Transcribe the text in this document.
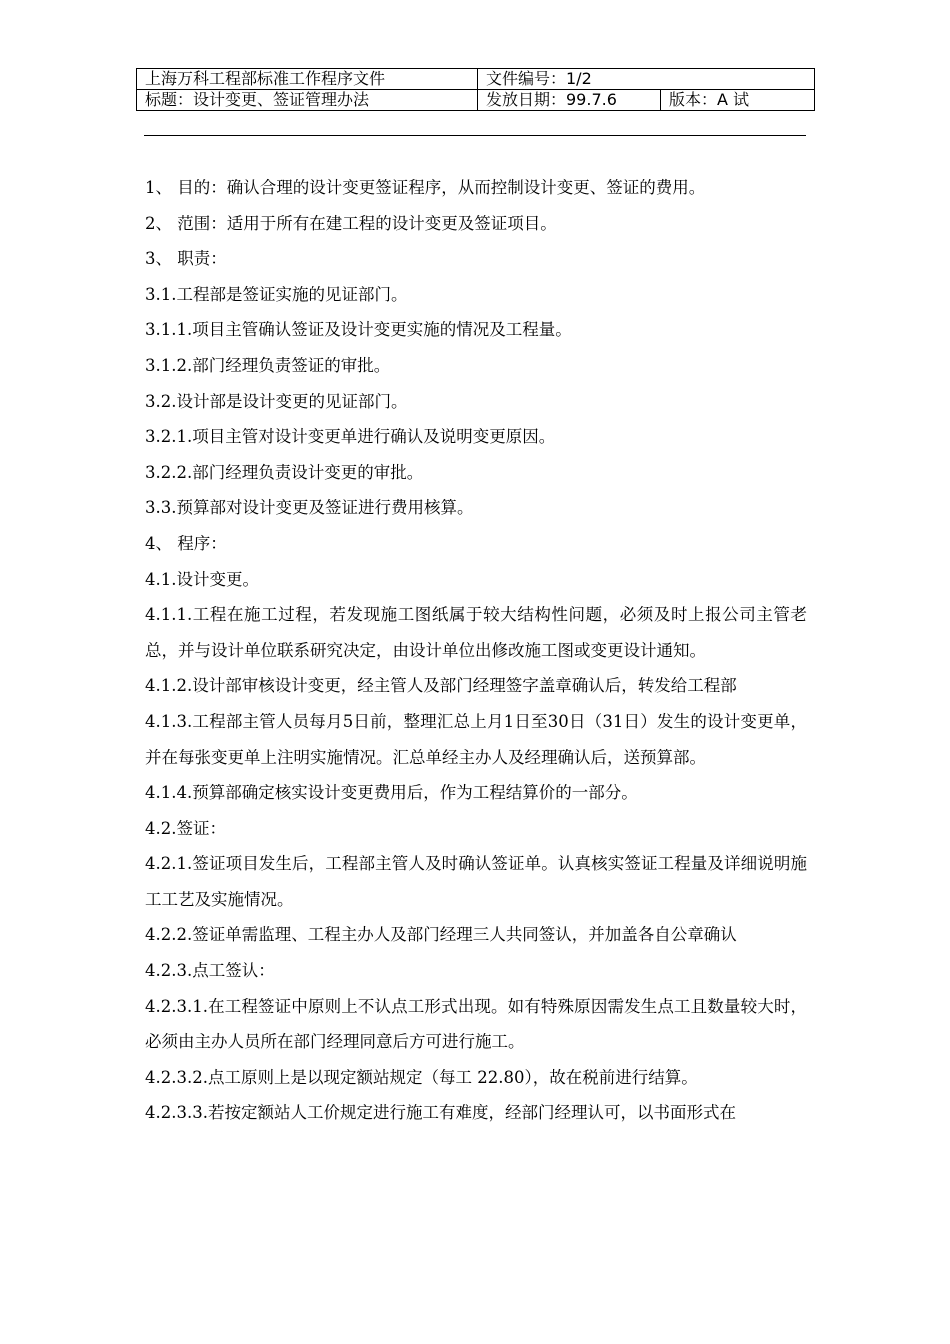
上海万科工程部标准工作程序文件	文件编号：1/2	
标题：设计变更、签证管理办法	发放日期：99.7.6	版本：A 试

1、 目的：确认合理的设计变更签证程序，从而控制设计变更、签证的费用。

2、 范围：适用于所有在建工程的设计变更及签证项目。

3、 职责：

3.1.工程部是签证实施的见证部门。

3.1.1.项目主管确认签证及设计变更实施的情况及工程量。

3.1.2.部门经理负责签证的审批。

3.2.设计部是设计变更的见证部门。

3.2.1.项目主管对设计变更单进行确认及说明变更原因。

3.2.2.部门经理负责设计变更的审批。

3.3.预算部对设计变更及签证进行费用核算。

4、 程序：

4.1.设计变更。

4.1.1.工程在施工过程，若发现施工图纸属于较大结构性问题，必须及时上报公司主管老总，并与设计单位联系研究决定，由设计单位出修改施工图或变更设计通知。

4.1.2.设计部审核设计变更，经主管人及部门经理签字盖章确认后，转发给工程部

4.1.3.工程部主管人员每月5日前，整理汇总上月1日至30日（31日）发生的设计变更单，并在每张变更单上注明实施情况。汇总单经主办人及经理确认后，送预算部。

4.1.4.预算部确定核实设计变更费用后，作为工程结算价的一部分。

4.2.签证：

4.2.1.签证项目发生后，工程部主管人及时确认签证单。认真核实签证工程量及详细说明施工工艺及实施情况。

4.2.2.签证单需监理、工程主办人及部门经理三人共同签认，并加盖各自公章确认

4.2.3.点工签认：

4.2.3.1.在工程签证中原则上不认点工形式出现。如有特殊原因需发生点工且数量较大时，必须由主办人员所在部门经理同意后方可进行施工。

4.2.3.2.点工原则上是以现定额站规定（每工 22.80），故在税前进行结算。

4.2.3.3.若按定额站人工价规定进行施工有难度，经部门经理认可，以书面形式在
